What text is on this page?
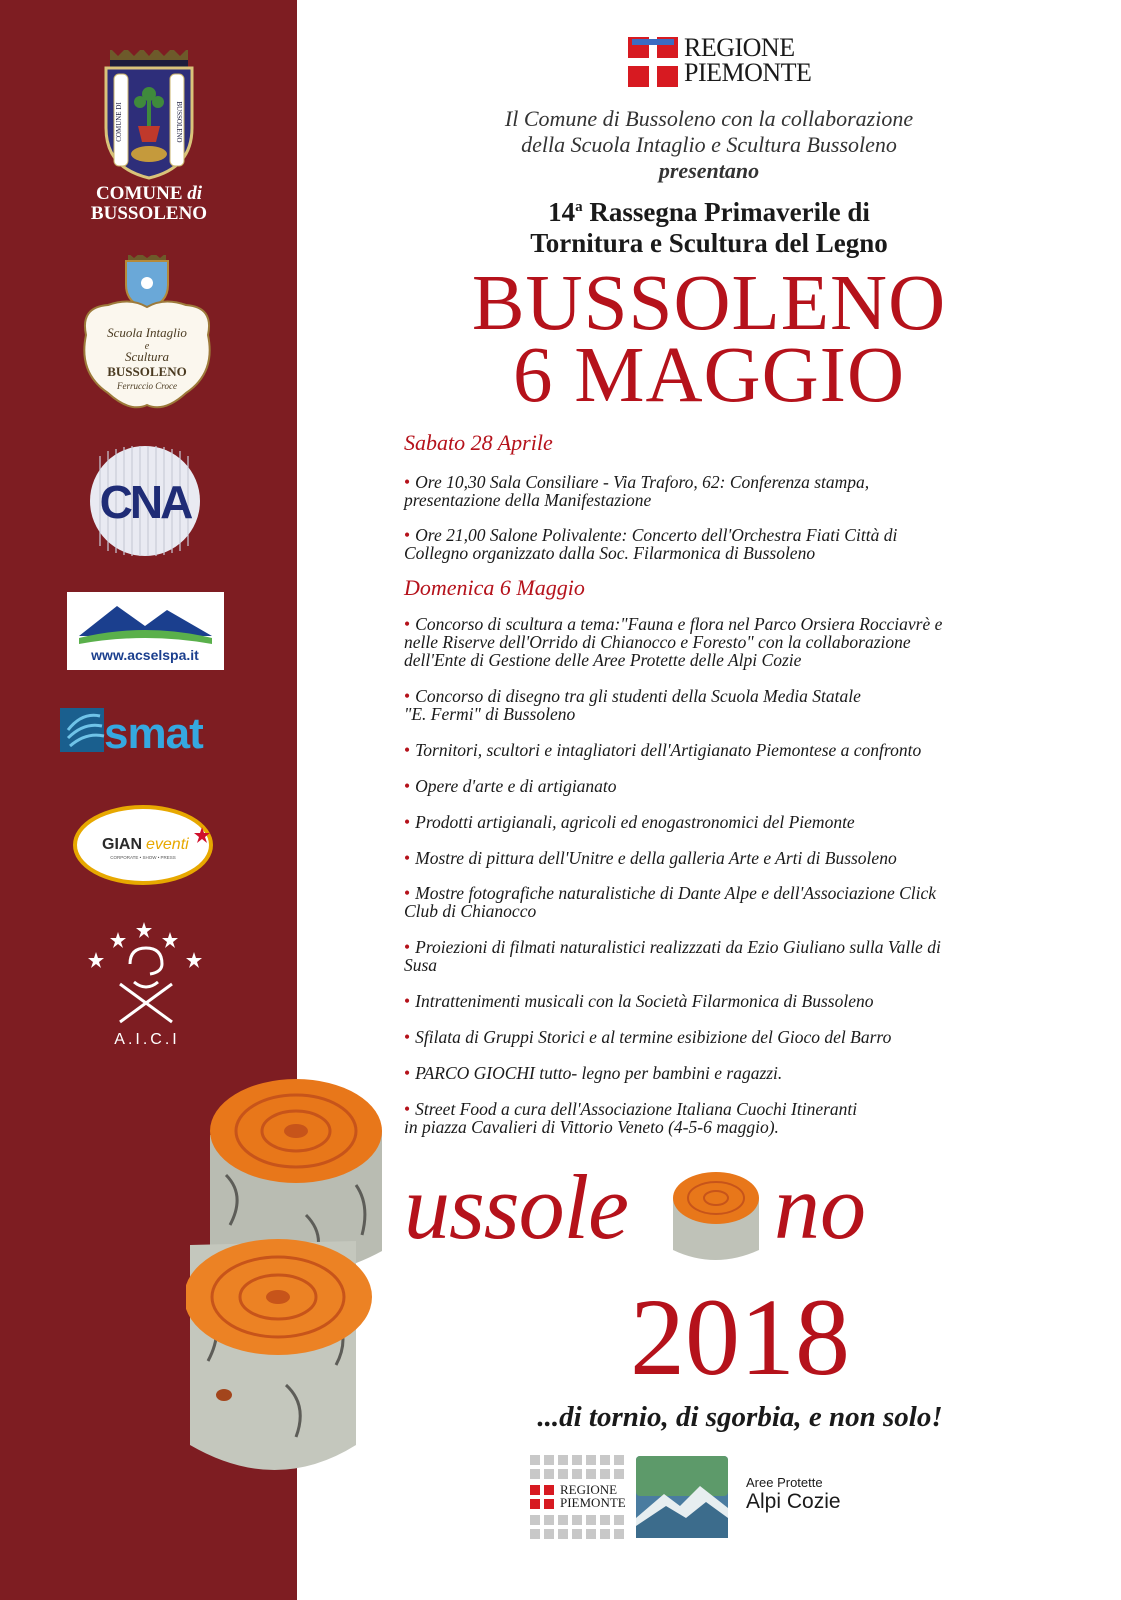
COMUNE DI	BUSSOLENO
COMUNE di
BUSSOLENO
Scuola Intaglio
e
Scultura
BUSSOLENO
Ferruccio Croce
CNA
www.acselspa.it
smat
GIAN eventi
CORPORATE • SHOW • PRESS
A.I.C.I
REGIONE
PIEMONTE
Il Comune di Bussoleno con la collaborazione
della Scuola Intaglio e Scultura Bussoleno
presentano
14$^a$ Rassegna Primaverile di
Tornitura e Scultura del Legno
BUSSOLENO
6 MAGGIO
Sabato 28 Aprile
• Ore 10,30 Sala Consiliare - Via Traforo, 62: Conferenza stampa,
presentazione della Manifestazione
• Ore 21,00 Salone Polivalente: Concerto dell'Orchestra Fiati Città di
Collegno organizzato dalla Soc. Filarmonica di Bussoleno
Domenica 6 Maggio
• Concorso di scultura a tema:"Fauna e flora nel Parco Orsiera Rocciavrè e
nelle Riserve dell'Orrido di Chianocco e Foresto" con la collaborazione
dell'Ente di Gestione delle Aree Protette delle Alpi Cozie
• Concorso di disegno tra gli studenti della Scuola Media Statale
"E. Fermi" di Bussoleno
• Tornitori, scultori e intagliatori dell'Artigianato Piemontese a confronto
• Opere d'arte e di artigianato
• Prodotti artigianali, agricoli ed enogastronomici del Piemonte
• Mostre di pittura dell'Unitre e della galleria Arte e Arti di Bussoleno
• Mostre fotografiche naturalistiche di Dante Alpe e dell'Associazione Click
Club di Chianocco
• Proiezioni di filmati naturalistici realizzzati da Ezio Giuliano sulla Valle di
Susa
• Intrattenimenti musicali con la Società Filarmonica di Bussoleno
• Sfilata di Gruppi Storici e al termine esibizione del Gioco del Barro
• PARCO GIOCHI tutto- legno per bambini e ragazzi.
• Street Food a cura dell'Associazione Italiana Cuochi Itineranti
in piazza Cavalieri di Vittorio Veneto (4-5-6 maggio).
ussole no
2018
...di tornio, di sgorbia, e non solo!
REGIONE
PIEMONTE
Aree Protette
Alpi Cozie
